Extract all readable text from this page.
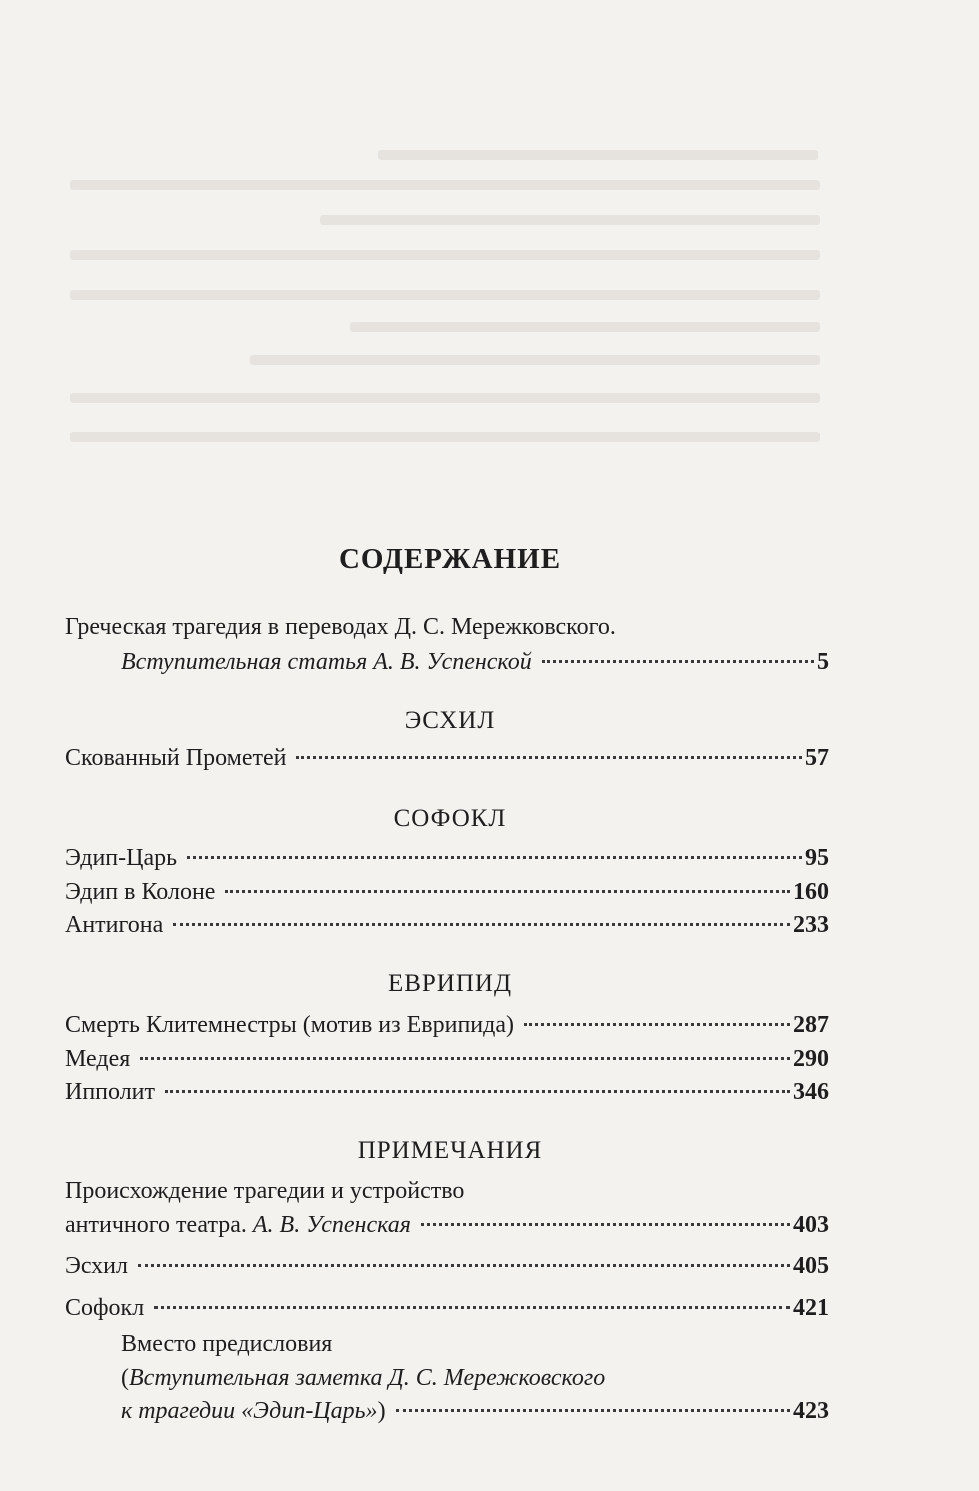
СОДЕРЖАНИЕ
Греческая трагедия в переводах Д. С. Мережковского.
Вступительная статья А. В. Успенской	5
ЭСХИЛ
Скованный Прометей	57
СОФОКЛ
Эдип-Царь	95
Эдип в Колоне	160
Антигона	233
ЕВРИПИД
Смерть Клитемнестры (мотив из Еврипида)	287
Медея	290
Ипполит	346
ПРИМЕЧАНИЯ
Происхождение трагедии и устройство
античного театра. А. В. Успенская	403
Эсхил	405
Софокл	421
Вместо предисловия
(Вступительная заметка Д. С. Мережковского
к трагедии «Эдип-Царь»)	423
